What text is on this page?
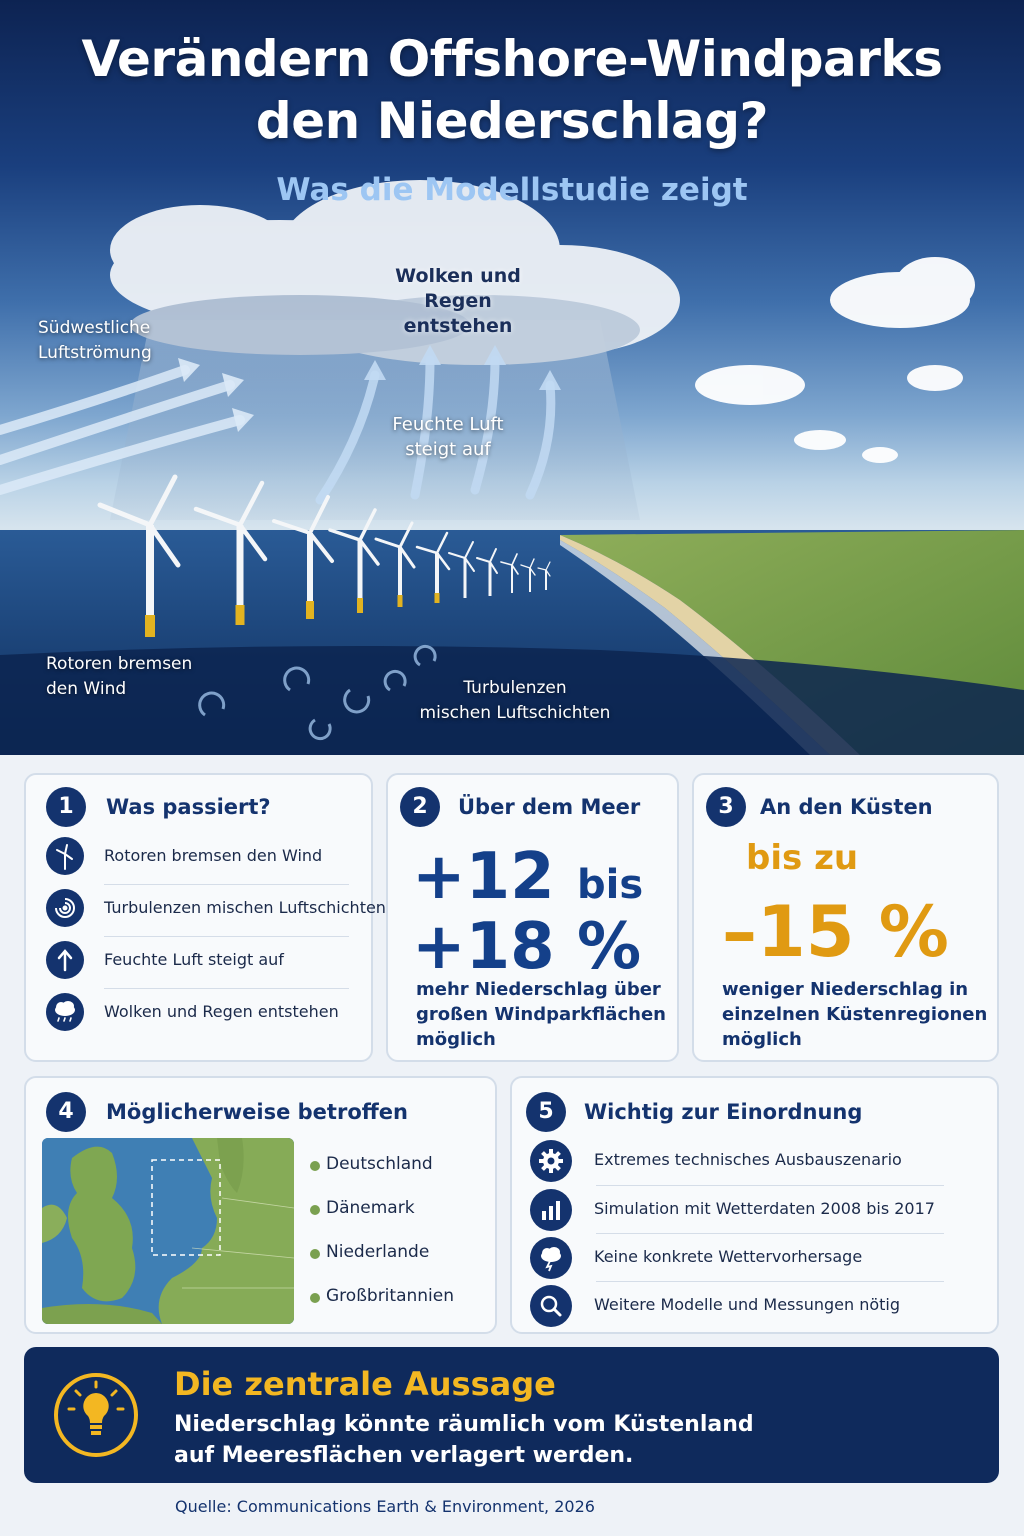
Verändern Offshore-Windparks
den Niederschlag?
Was die Modellstudie zeigt
Südwestliche
Luftströmung
Wolken und
Regen entstehen
Feuchte Luft
steigt auf
Rotoren bremsen
den Wind	Turbulenzen
mischen Luftschichten
1	Was passiert?
Rotoren bremsen den Wind
Turbulenzen mischen Luftschichten
Feuchte Luft steigt auf
Wolken und Regen entstehen
2	Über dem Meer
+12 bis
+18 %
mehr Niederschlag über
großen Windparkflächen
möglich
3	An den Küsten
bis zu
–15 %
weniger Niederschlag in
einzelnen Küstenregionen
möglich
4	Möglicherweise betroffen
Deutschland
Dänemark
Niederlande
Großbritannien
5	Wichtig zur Einordnung
Extremes technisches Ausbauszenario
Simulation mit Wetterdaten 2008 bis 2017
Keine konkrete Wettervorhersage
Weitere Modelle und Messungen nötig
Die zentrale Aussage
Niederschlag könnte räumlich vom Küstenland
auf Meeresflächen verlagert werden.
Quelle: Communications Earth & Environment, 2026
